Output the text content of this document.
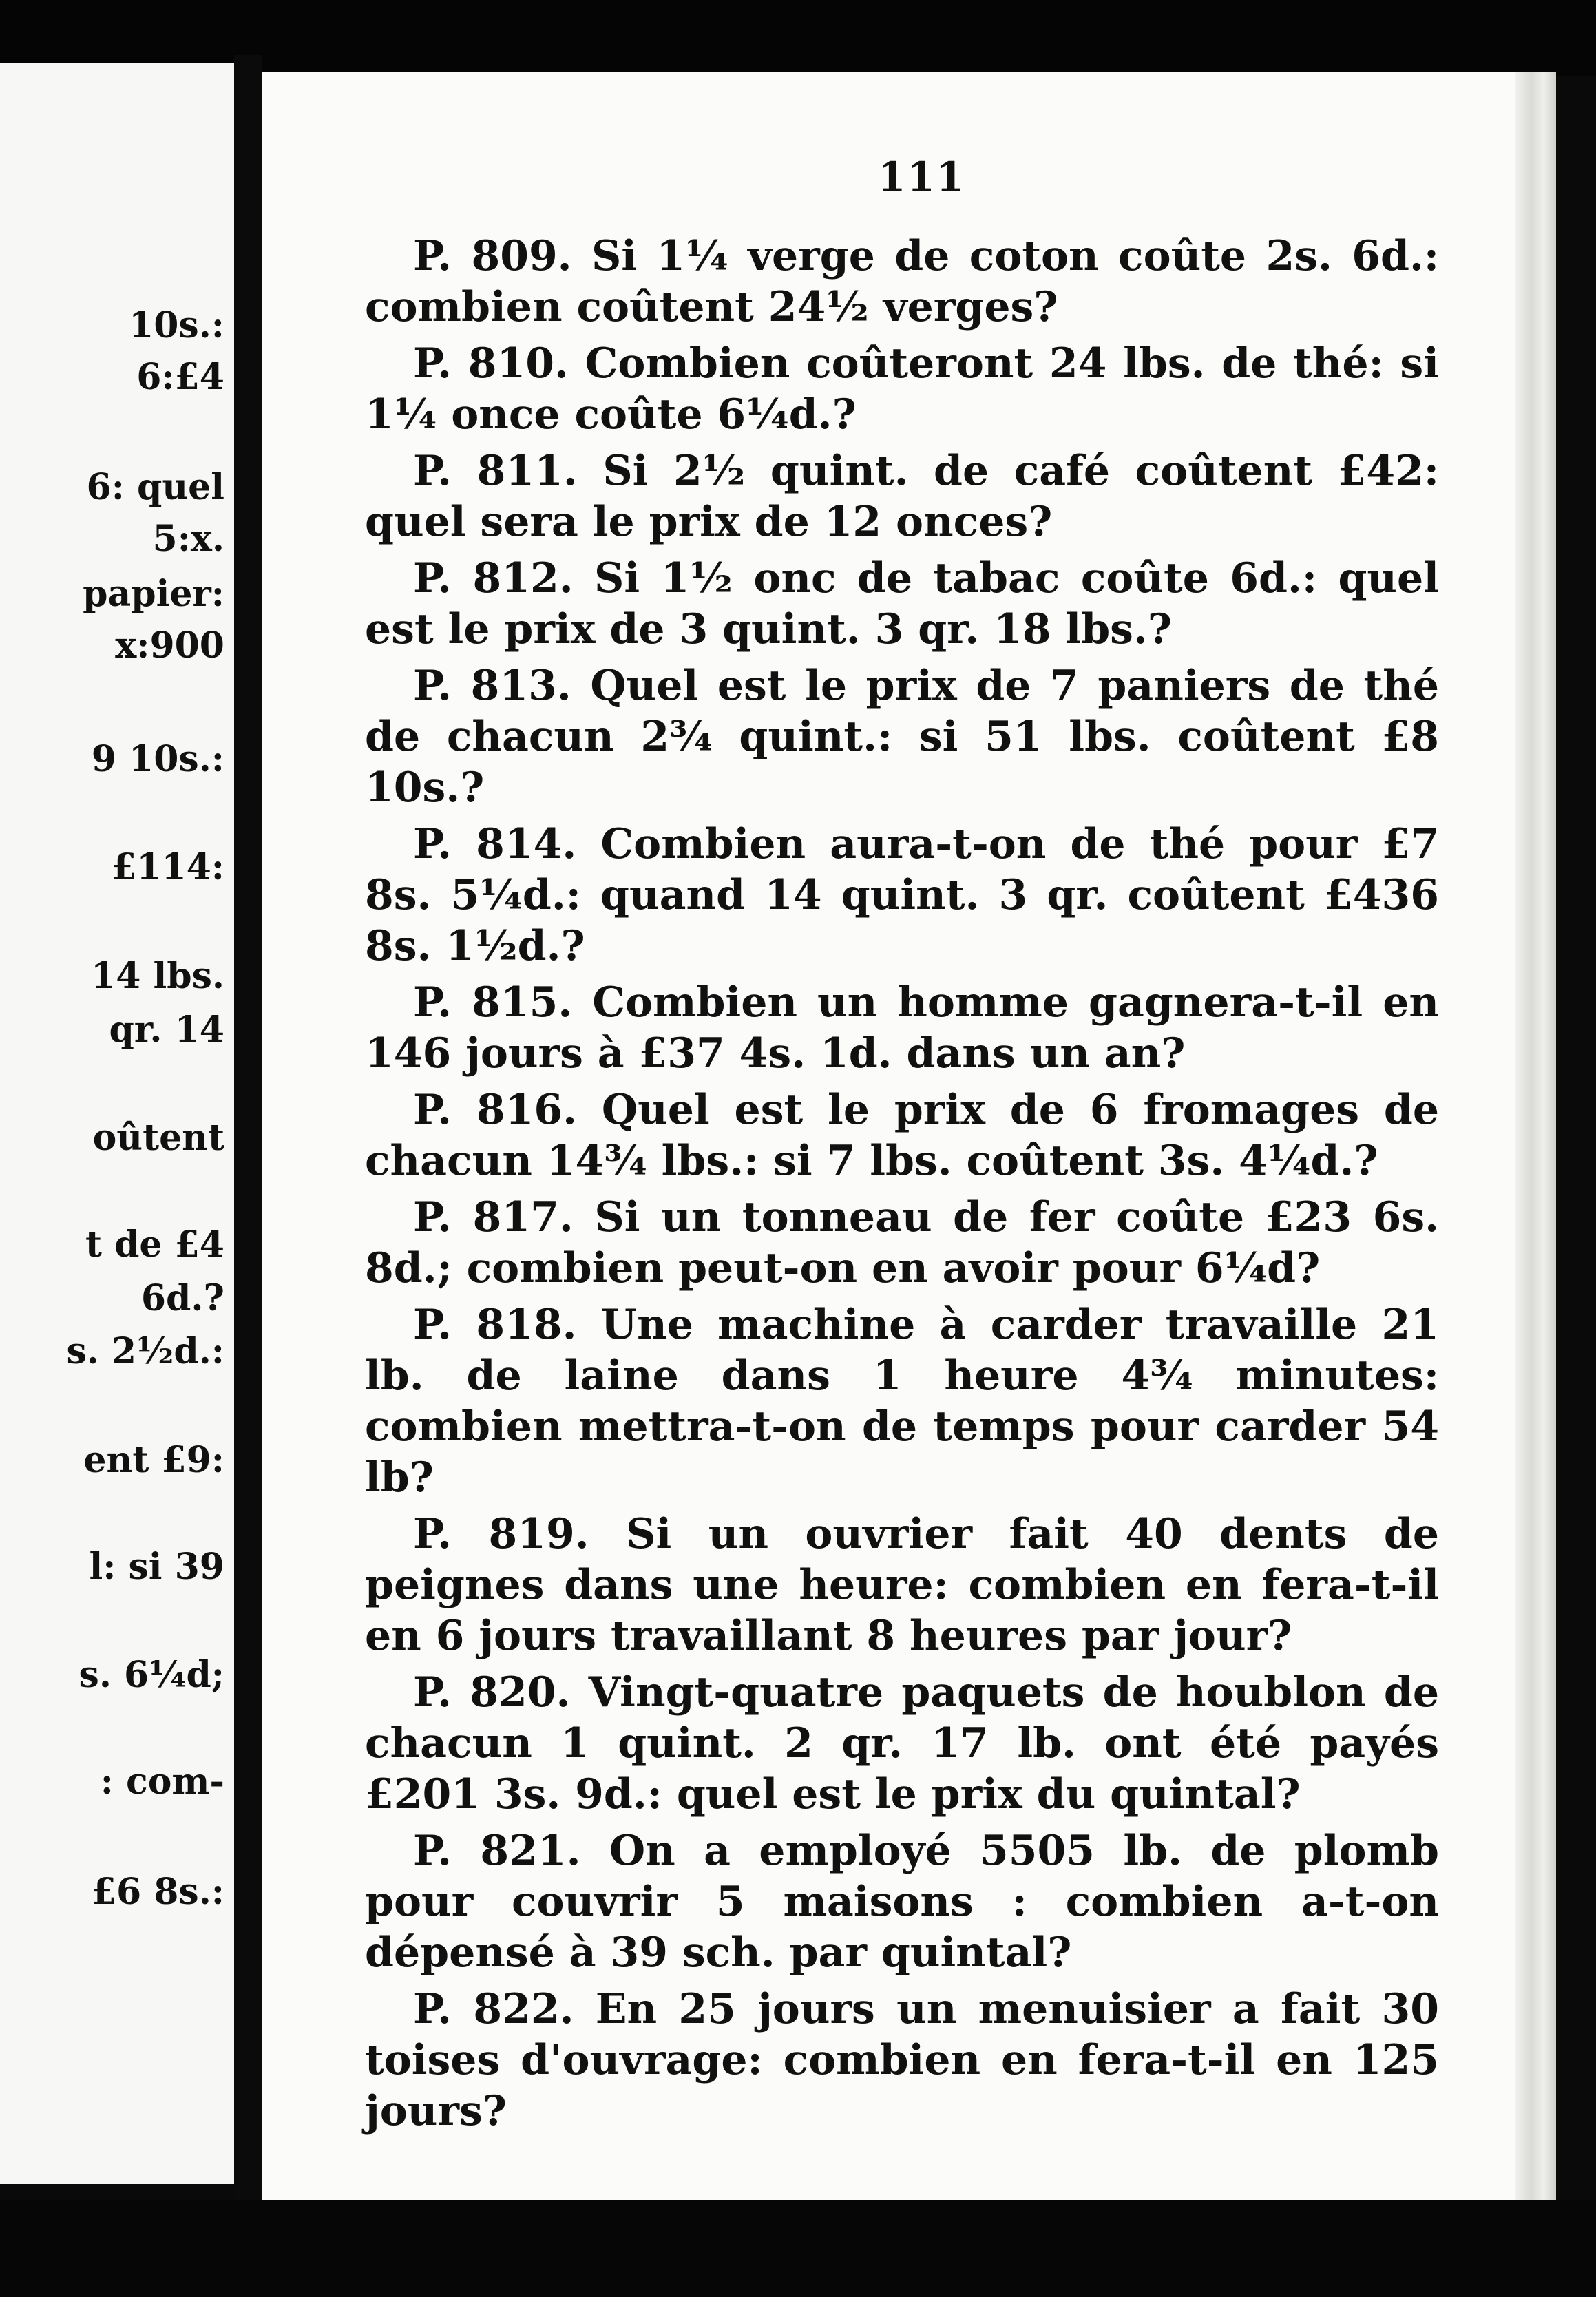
10s.:
6:£4
6: quel
5:x.
papier:
x:900
9 10s.:
£114:
14 lbs.
qr. 14
oûtent
t de £4
6d.?
s. 2½d.:
ent £9:
l: si 39
s. 6¼d;
: com-
£6 8s.:
111

P. 809. Si 1¼ verge de coton coûte 2s. 6d.: combien coûtent 24½ verges?

P. 810. Combien coûteront 24 lbs. de thé: si 1¼ once coûte 6¼d.?

P. 811. Si 2½ quint. de café coûtent £42: quel sera le prix de 12 onces?

P. 812. Si 1½ onc de tabac coûte 6d.: quel est le prix de 3 quint. 3 qr. 18 lbs.?

P. 813. Quel est le prix de 7 paniers de thé de chacun 2¾ quint.: si 51 lbs. coûtent £8 10s.?

P. 814. Combien aura-t-on de thé pour £7 8s. 5¼d.: quand 14 quint. 3 qr. coûtent £436 8s. 1½d.?

P. 815. Combien un homme gagnera-t-il en 146 jours à £37 4s. 1d. dans un an?

P. 816. Quel est le prix de 6 fromages de chacun 14¾ lbs.: si 7 lbs. coûtent 3s. 4¼d.?

P. 817. Si un tonneau de fer coûte £23 6s. 8d.; combien peut-on en avoir pour 6¼d?

P. 818. Une machine à carder travaille 21 lb. de laine dans 1 heure 4¾ minutes: combien mettra-t-on de temps pour carder 54 lb?

P. 819. Si un ouvrier fait 40 dents de peignes dans une heure: combien en fera-t-il en 6 jours travaillant 8 heures par jour?

P. 820. Vingt-quatre paquets de houblon de chacun 1 quint. 2 qr. 17 lb. ont été payés £201 3s. 9d.: quel est le prix du quintal?

P. 821. On a employé 5505 lb. de plomb pour couvrir 5 maisons : combien a-t-on dépensé à 39 sch. par quintal?

P. 822. En 25 jours un menuisier a fait 30 toises d'ouvrage: combien en fera-t-il en 125 jours?
